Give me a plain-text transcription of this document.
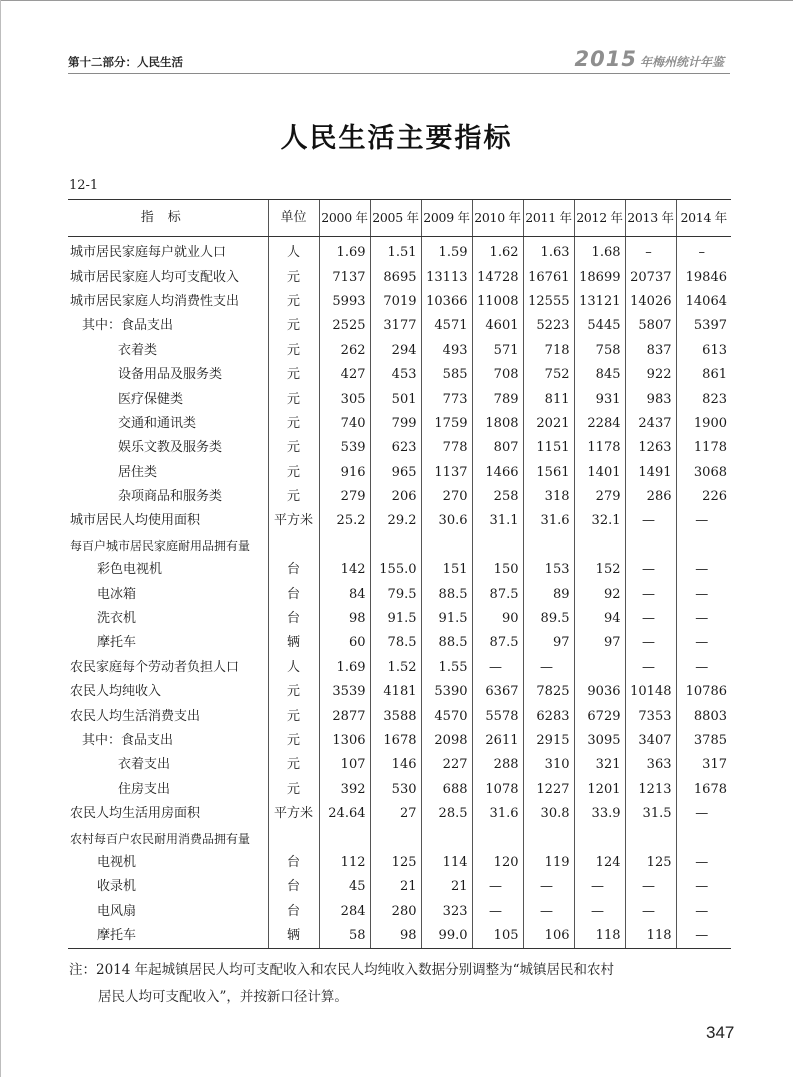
第十二部分：人民生活	2015 年梅州统计年鉴
人民生活主要指标
12-1
指标	单位	2000 年	2005 年	2009 年	2010 年	2011 年	2012 年	2013 年	2014 年
城市居民家庭每户就业人口	人	1.69	1.51	1.59	1.62	1.63	1.68	–	–
城市居民家庭人均可支配收入	元	7137	8695	13113	14728	16761	18699	20737	19846
城市居民家庭人均消费性支出	元	5993	7019	10366	11008	12555	13121	14026	14064
其中：食品支出	元	2525	3177	4571	4601	5223	5445	5807	5397
衣着类	元	262	294	493	571	718	758	837	613
设备用品及服务类	元	427	453	585	708	752	845	922	861
医疗保健类	元	305	501	773	789	811	931	983	823
交通和通讯类	元	740	799	1759	1808	2021	2284	2437	1900
娱乐文教及服务类	元	539	623	778	807	1151	1178	1263	1178
居住类	元	916	965	1137	1466	1561	1401	1491	3068
杂项商品和服务类	元	279	206	270	258	318	279	286	226
城市居民人均使用面积	平方米	25.2	29.2	30.6	31.1	31.6	32.1	—	—
每百户城市居民家庭耐用品拥有量									
彩色电视机	台	142	155.0	151	150	153	152	—	—
电冰箱	台	84	79.5	88.5	87.5	89	92	—	—
洗衣机	台	98	91.5	91.5	90	89.5	94	—	—
摩托车	辆	60	78.5	88.5	87.5	97	97	—	—
农民家庭每个劳动者负担人口	人	1.69	1.52	1.55	—	—		—	—
农民人均纯收入	元	3539	4181	5390	6367	7825	9036	10148	10786
农民人均生活消费支出	元	2877	3588	4570	5578	6283	6729	7353	8803
其中：食品支出	元	1306	1678	2098	2611	2915	3095	3407	3785
衣着支出	元	107	146	227	288	310	321	363	317
住房支出	元	392	530	688	1078	1227	1201	1213	1678
农民人均生活用房面积	平方米	24.64	27	28.5	31.6	30.8	33.9	31.5	—
农村每百户农民耐用消费品拥有量									
电视机	台	112	125	114	120	119	124	125	—
收录机	台	45	21	21	—	—	—	—	—
电风扇	台	284	280	323	—	—	—	—	—
摩托车	辆	58	98	99.0	105	106	118	118	—
注：2014 年起城镇居民人均可支配收入和农民人均纯收入数据分别调整为“城镇居民和农村
居民人均可支配收入”，并按新口径计算。
347
